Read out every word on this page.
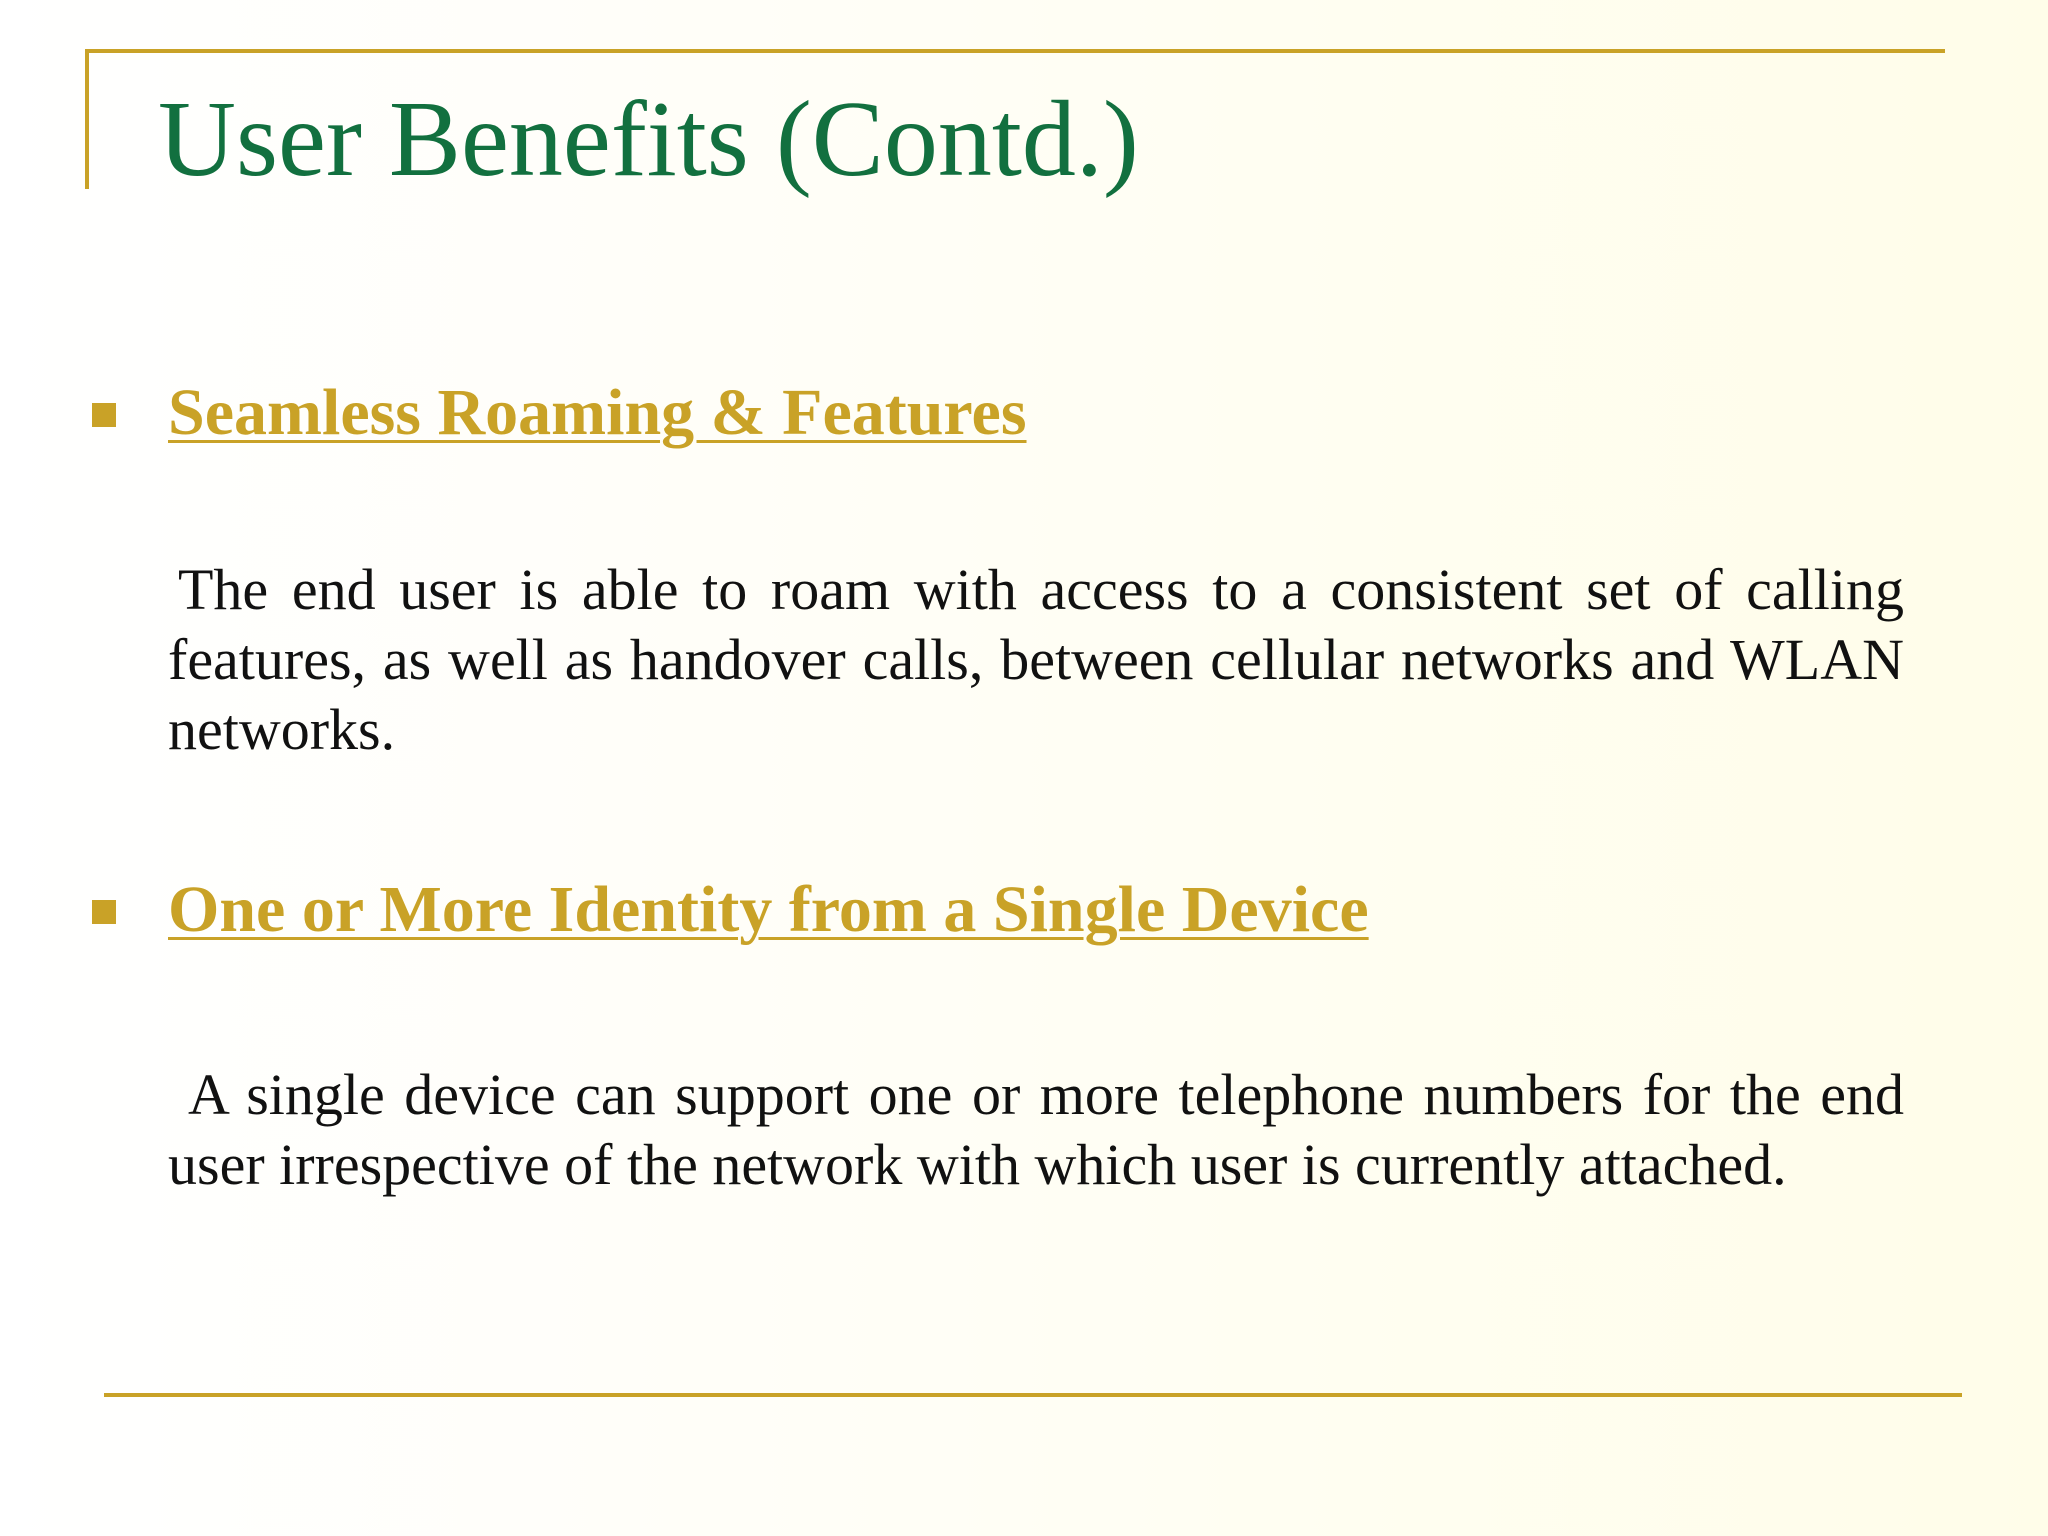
User Benefits (Contd.)
Seamless Roaming & Features

The end user is able to roam with access to a consistent set of calling features, as well as handover calls, between cellular networks and WLAN networks.

One or More Identity from a Single Device

A single device can support one or more telephone numbers for the end user irrespective of the network with which user is currently attached.
